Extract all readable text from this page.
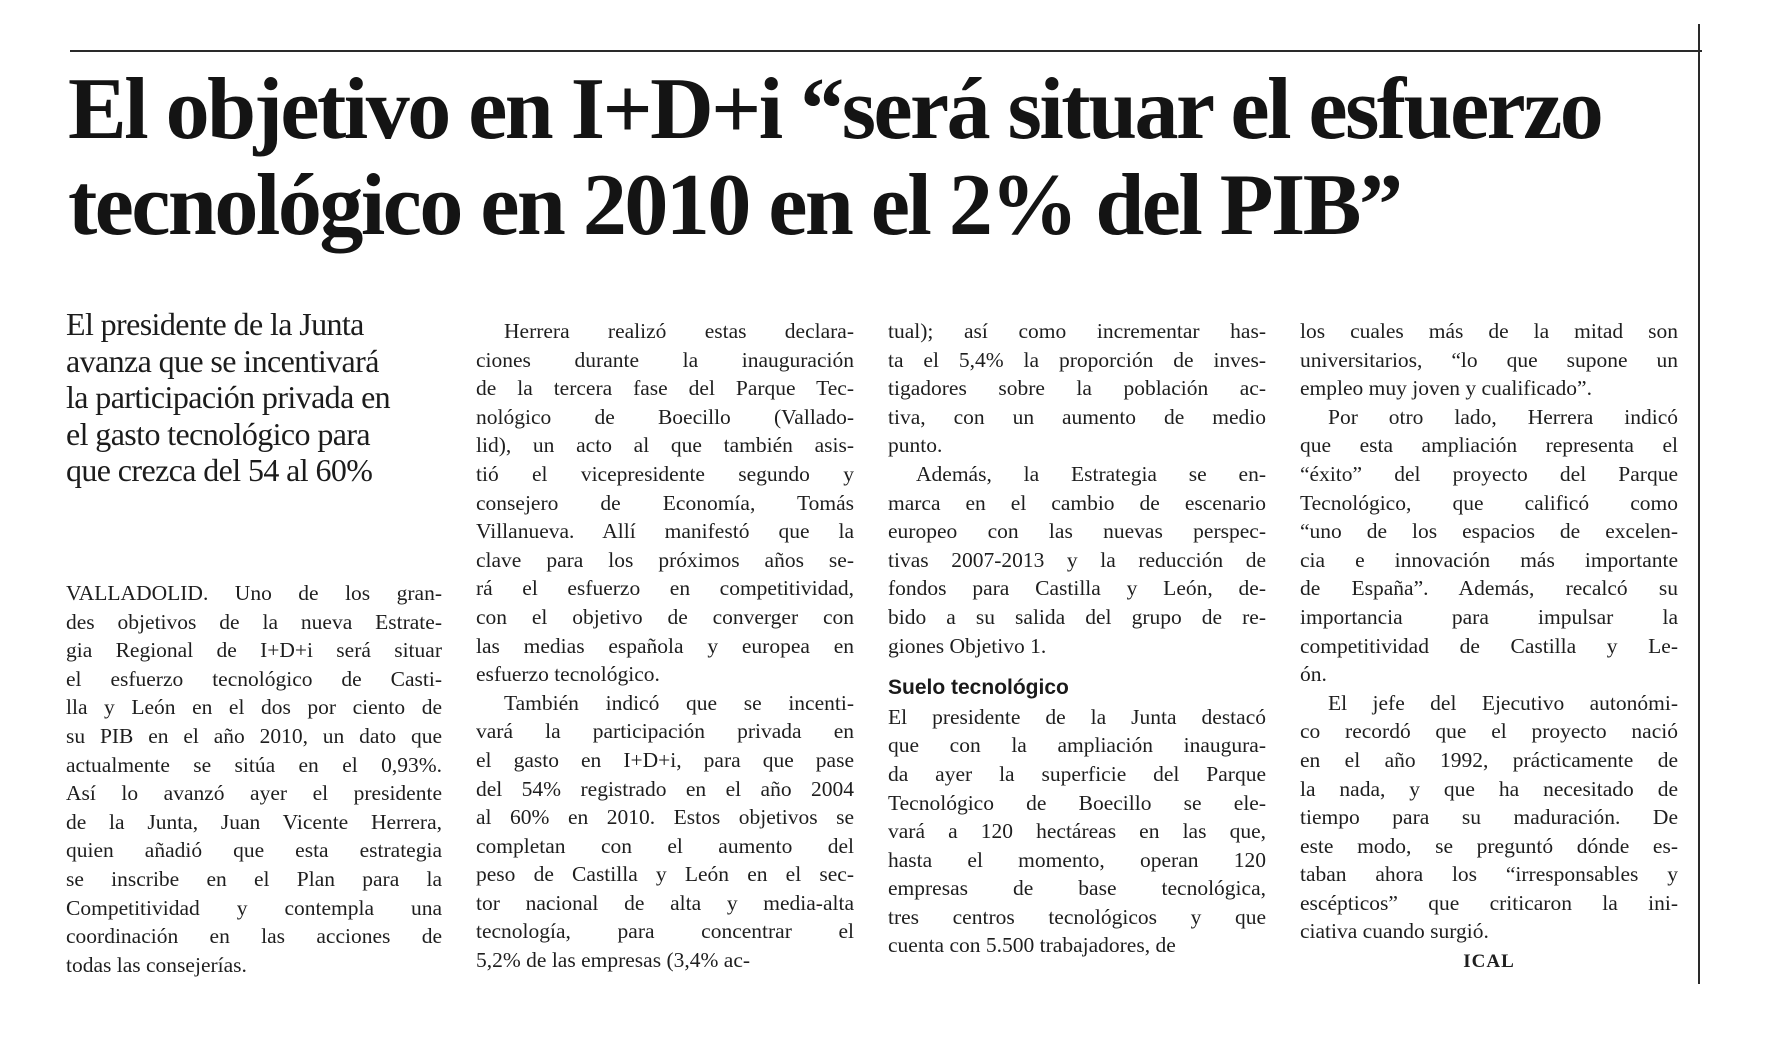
El objetivo en I+D+i “será situar el esfuerzo
tecnológico en 2010 en el 2% del PIB”
El presidente de la Junta
avanza que se incentivará
la participación privada en
el gasto tecnológico para
que crezca del 54 al 60%
VALLADOLID. Uno de los gran-
des objetivos de la nueva Estrate-
gia Regional de I+D+i será situar
el esfuerzo tecnológico de Casti-
lla y León en el dos por ciento de
su PIB en el año 2010, un dato que
actualmente se sitúa en el 0,93%.
Así lo avanzó ayer el presidente
de la Junta, Juan Vicente Herrera,
quien añadió que esta estrategia
se inscribe en el Plan para la
Competitividad y contempla una
coordinación en las acciones de
todas las consejerías.
Herrera realizó estas declara-
ciones durante la inauguración
de la tercera fase del Parque Tec-
nológico de Boecillo (Vallado-
lid), un acto al que también asis-
tió el vicepresidente segundo y
consejero de Economía, Tomás
Villanueva. Allí manifestó que la
clave para los próximos años se-
rá el esfuerzo en competitividad,
con el objetivo de converger con
las medias española y europea en
esfuerzo tecnológico.
También indicó que se incenti-
vará la participación privada en
el gasto en I+D+i, para que pase
del 54% registrado en el año 2004
al 60% en 2010. Estos objetivos se
completan con el aumento del
peso de Castilla y León en el sec-
tor nacional de alta y media-alta
tecnología, para concentrar el
5,2% de las empresas (3,4% ac-
tual); así como incrementar has-
ta el 5,4% la proporción de inves-
tigadores sobre la población ac-
tiva, con un aumento de medio
punto.
Además, la Estrategia se en-
marca en el cambio de escenario
europeo con las nuevas perspec-
tivas 2007-2013 y la reducción de
fondos para Castilla y León, de-
bido a su salida del grupo de re-
giones Objetivo 1.
Suelo tecnológico
El presidente de la Junta destacó
que con la ampliación inaugura-
da ayer la superficie del Parque
Tecnológico de Boecillo se ele-
vará a 120 hectáreas en las que,
hasta el momento, operan 120
empresas de base tecnológica,
tres centros tecnológicos y que
cuenta con 5.500 trabajadores, de
los cuales más de la mitad son
universitarios, “lo que supone un
empleo muy joven y cualificado”.
Por otro lado, Herrera indicó
que esta ampliación representa el
“éxito” del proyecto del Parque
Tecnológico, que calificó como
“uno de los espacios de excelen-
cia e innovación más importante
de España”. Además, recalcó su
importancia para impulsar la
competitividad de Castilla y Le-
ón.
El jefe del Ejecutivo autonómi-
co recordó que el proyecto nació
en el año 1992, prácticamente de
la nada, y que ha necesitado de
tiempo para su maduración. De
este modo, se preguntó dónde es-
taban ahora los “irresponsables y
escépticos” que criticaron la ini-
ciativa cuando surgió.
ICAL
